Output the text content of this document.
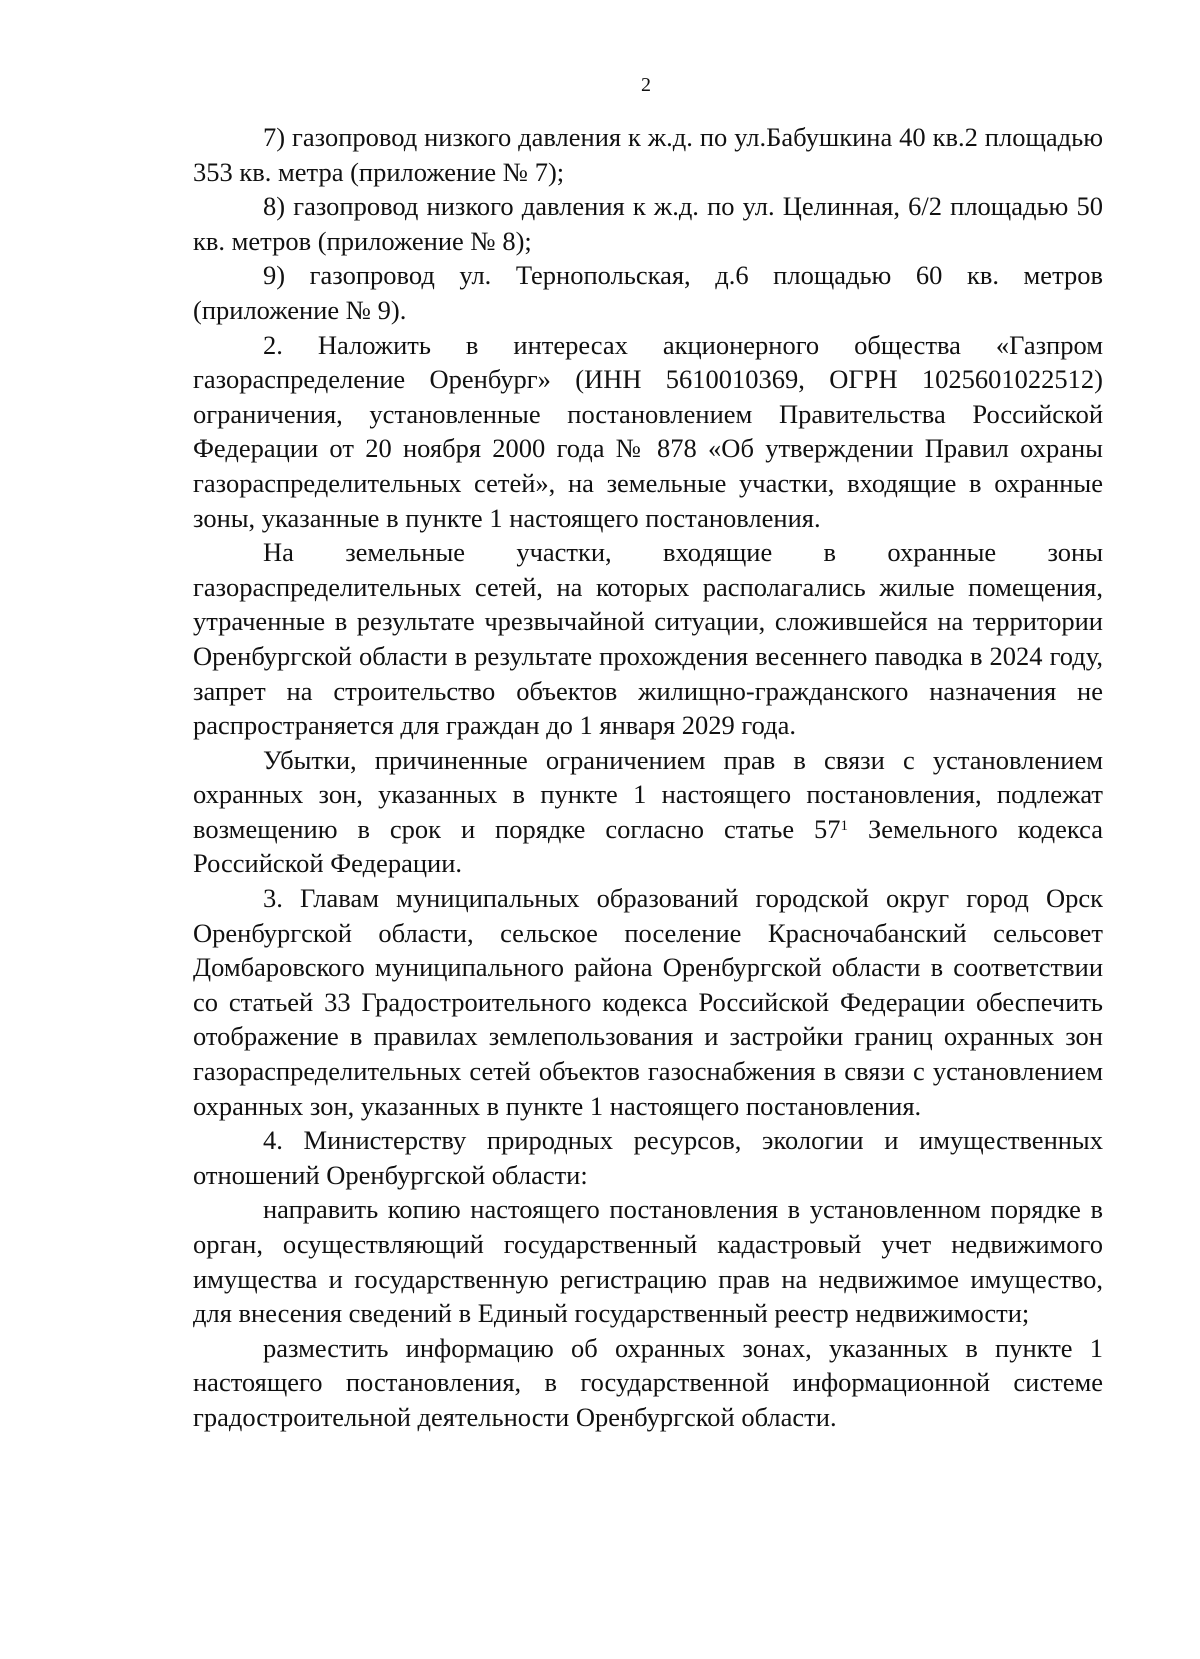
2

7) газопровод низкого давления к ж.д. по ул.Бабушкина 40 кв.2 площадью 353 кв. метра (приложение № 7);

8) газопровод низкого давления к ж.д. по ул. Целинная, 6/2 площадью 50 кв. метров (приложение № 8);

9) газопровод ул. Тернопольская, д.6 площадью 60 кв. метров (приложение № 9).

2. Наложить в интересах акционерного общества «Газпром газораспределение Оренбург» (ИНН 5610010369, ОГРН 1025601022512) ограничения, установленные постановлением Правительства Российской Федерации от 20 ноября 2000 года № 878 «Об утверждении Правил охраны газораспределительных сетей», на земельные участки, входящие в охранные зоны, указанные в пункте 1 настоящего постановления.

На земельные участки, входящие в охранные зоны газораспределительных сетей, на которых располагались жилые помещения, утраченные в результате чрезвычайной ситуации, сложившейся на территории Оренбургской области в результате прохождения весеннего паводка в 2024 году, запрет на строительство объектов жилищно-гражданского назначения не распространяется для граждан до 1 января 2029 года.

Убытки, причиненные ограничением прав в связи с установлением охранных зон, указанных в пункте 1 настоящего постановления, подлежат возмещению в срок и порядке согласно статье $57^1$ Земельного кодекса Российской Федерации.

3. Главам муниципальных образований городской округ город Орск Оренбургской области, сельское поселение Красночабанский сельсовет Домбаровского муниципального района Оренбургской области в соответствии со статьей 33 Градостроительного кодекса Российской Федерации обеспечить отображение в правилах землепользования и застройки границ охранных зон газораспределительных сетей объектов газоснабжения в связи с установлением охранных зон, указанных в пункте 1 настоящего постановления.

4. Министерству природных ресурсов, экологии и имущественных отношений Оренбургской области:

направить копию настоящего постановления в установленном порядке в орган, осуществляющий государственный кадастровый учет недвижимого имущества и государственную регистрацию прав на недвижимое имущество, для внесения сведений в Единый государственный реестр недвижимости;

разместить информацию об охранных зонах, указанных в пункте 1 настоящего постановления, в государственной информационной системе градостроительной деятельности Оренбургской области.
